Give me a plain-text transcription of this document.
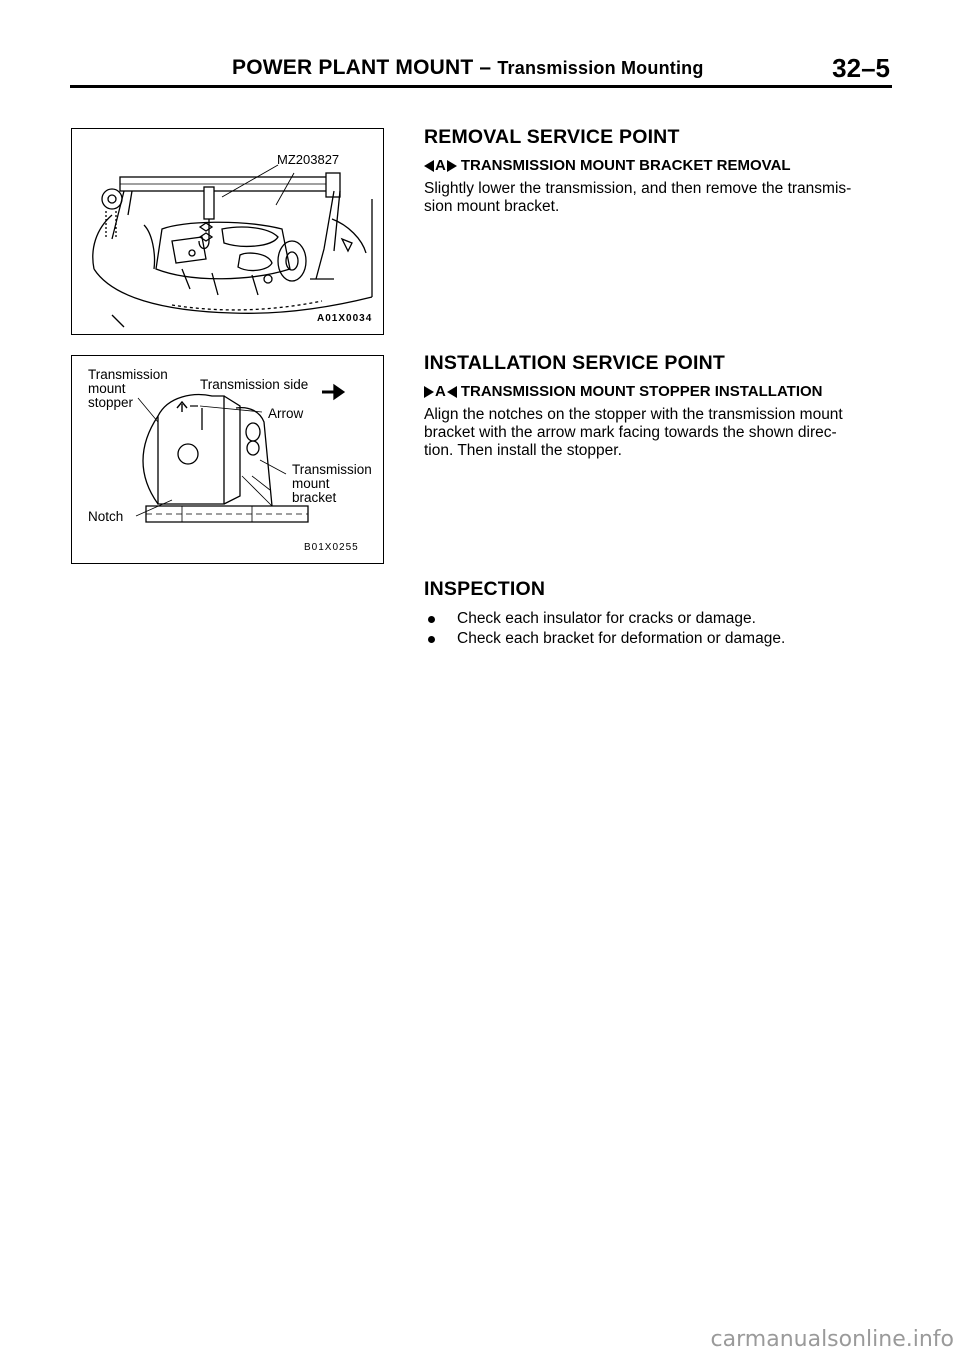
POWER PLANT MOUNT – Transmission Mounting	32–5
MZ203827
A01X0034
Transmission
mount
stopper
Transmission side
Arrow
Transmission
mount
bracket
Notch
B01X0255
REMOVAL SERVICE POINT
A TRANSMISSION MOUNT BRACKET REMOVAL

Slightly lower the transmission, and then remove the transmis-
sion mount bracket.

INSTALLATION SERVICE POINT
A TRANSMISSION MOUNT STOPPER INSTALLATION

Align the notches on the stopper with the transmission mount
bracket with the arrow mark facing towards the shown direc-
tion. Then install the stopper.

INSPECTION
Check each insulator for cracks or damage.
Check each bracket for deformation or damage.
carmanualsonline.info
